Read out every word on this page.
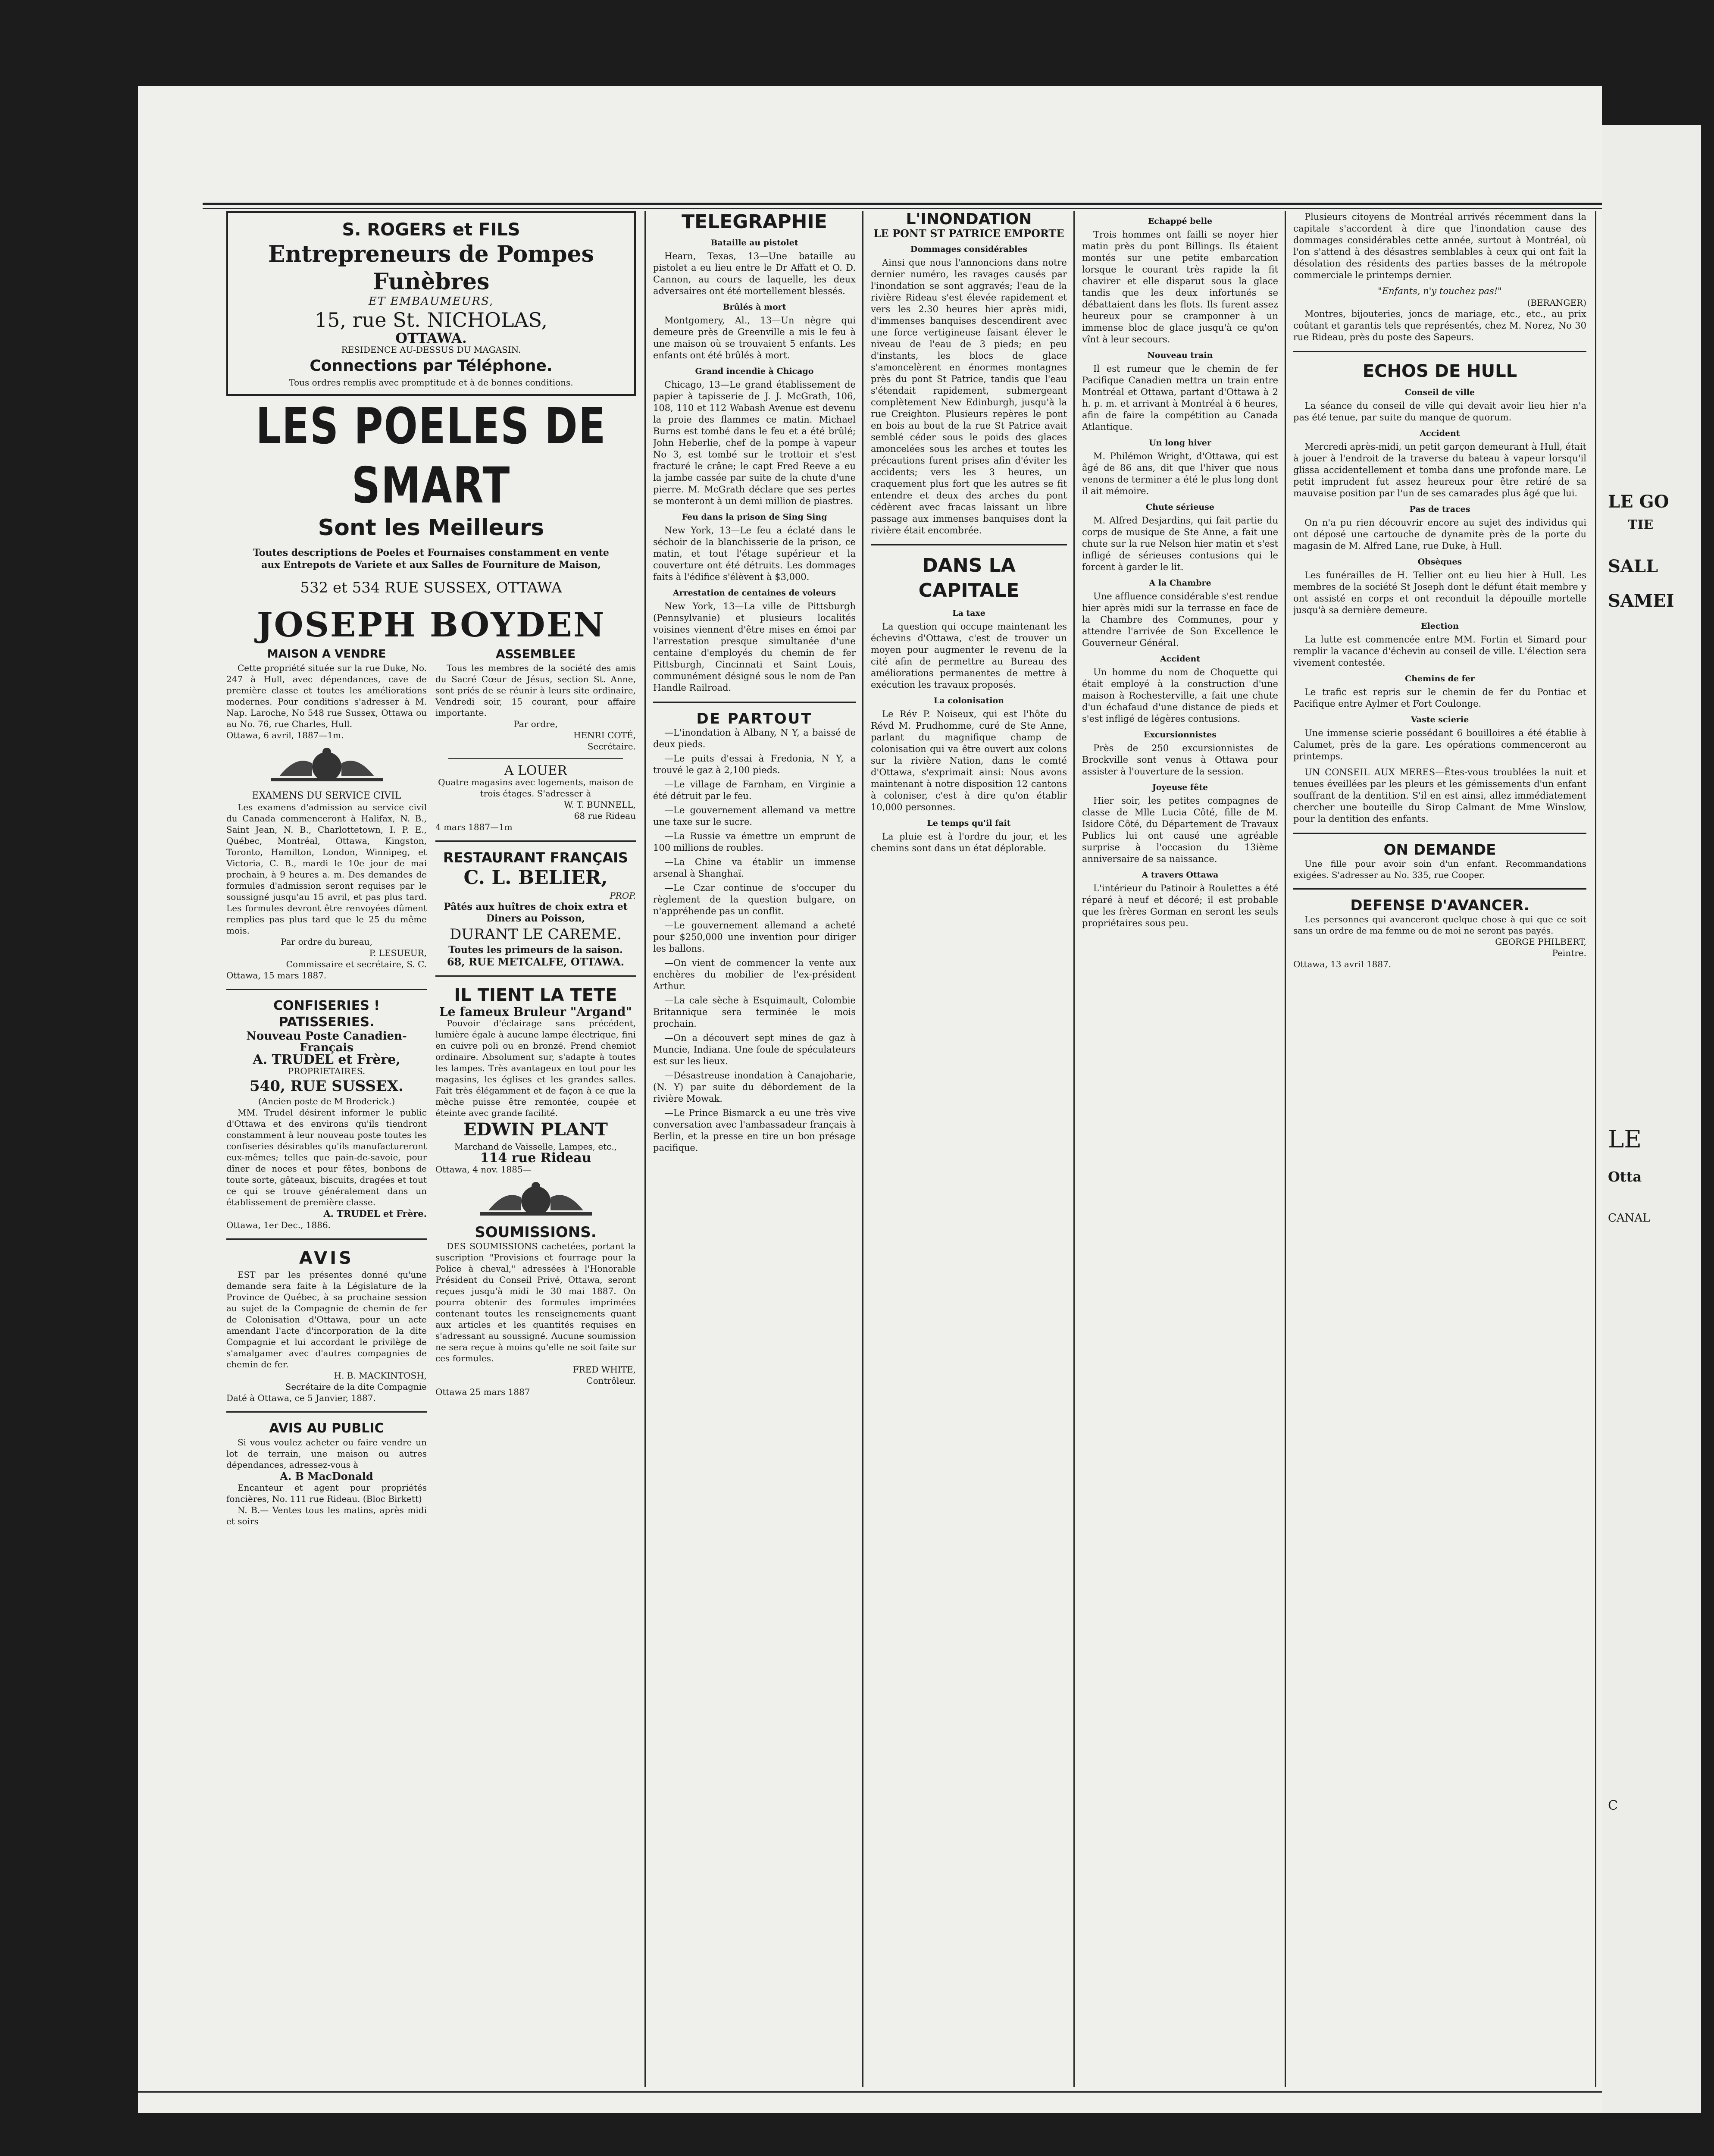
S. ROGERS et FILS
Entrepreneurs de Pompes Funèbres
ET EMBAUMEURS,
15, rue St. NICHOLAS,
OTTAWA.
RESIDENCE AU-DESSUS DU MAGASIN.
Connections par Téléphone.
Tous ordres remplis avec promptitude et à de bonnes conditions.
LES POELES DE SMART
Sont les Meilleurs
Toutes descriptions de Poeles et Fournaises constamment en vente aux Entrepots de Variete et aux Salles de Fourniture de Maison,
532 et 534 RUE SUSSEX, OTTAWA
JOSEPH BOYDEN
MAISON A VENDRE

Cette propriété située sur la rue Duke, No. 247 à Hull, avec dépendances, cave de première classe et toutes les améliorations modernes. Pour conditions s'adresser à M. Nap. Laroche, No 548 rue Sussex, Ottawa ou au No. 76, rue Charles, Hull.

Ottawa, 6 avril, 1887—1m.
EXAMENS DU SERVICE CIVIL

Les examens d'admission au service civil du Canada commenceront à Halifax, N. B., Saint Jean, N. B., Charlottetown, I. P. E., Québec, Montréal, Ottawa, Kingston, Toronto, Hamilton, London, Winnipeg, et Victoria, C. B., mardi le 10e jour de mai prochain, à 9 heures a. m. Des demandes de formules d'admission seront requises par le soussigné jusqu'au 15 avril, et pas plus tard. Les formules devront être renvoyées dûment remplies pas plus tard que le 25 du même mois.

Par ordre du bureau,
P. LESUEUR,
Commissaire et secrétaire, S. C.
Ottawa, 15 mars 1887.
CONFISERIES ! PATISSERIES.
Nouveau Poste Canadien-Français
A. TRUDEL et Frère,
PROPRIETAIRES.
540, RUE SUSSEX.
(Ancien poste de M Broderick.)

MM. Trudel désirent informer le public d'Ottawa et des environs qu'ils tiendront constamment à leur nouveau poste toutes les confiseries désirables qu'ils manufactureront eux-mêmes; telles que pain-de-savoie, pour dîner de noces et pour fêtes, bonbons de toute sorte, gâteaux, biscuits, dragées et tout ce qui se trouve généralement dans un établissement de première classe.

A. TRUDEL et Frère.
Ottawa, 1er Dec., 1886.
AVIS

EST par les présentes donné qu'une demande sera faite à la Législature de la Province de Québec, à sa prochaine session au sujet de la Compagnie de chemin de fer de Colonisation d'Ottawa, pour un acte amendant l'acte d'incorporation de la dite Compagnie et lui accordant le privilège de s'amalgamer avec d'autres compagnies de chemin de fer.

H. B. MACKINTOSH,
Secrétaire de la dite Compagnie
Daté à Ottawa, ce 5 Janvier, 1887.
AVIS AU PUBLIC

Si vous voulez acheter ou faire vendre un lot de terrain, une maison ou autres dépendances, adressez-vous à

A. B MacDonald

Encanteur et agent pour propriétés foncières, No. 111 rue Rideau. (Bloc Birkett)

N. B.— Ventes tous les matins, après midi et soirs

ASSEMBLEE

Tous les membres de la société des amis du Sacré Cœur de Jésus, section St. Anne, sont priés de se réunir à leurs site ordinaire, Vendredi soir, 15 courant, pour affaire importante.

Par ordre,
HENRI COTÉ,
Secrétaire.
A LOUER
Quatre magasins avec logements, maison de trois étages. S'adresser à
W. T. BUNNELL,
68 rue Rideau
4 mars 1887—1m
RESTAURANT FRANÇAIS
C. L. BELIER,
PROP.
Pâtés aux huîtres de choix extra et Diners au Poisson,
DURANT LE CAREME.
Toutes les primeurs de la saison.
68, RUE METCALFE, OTTAWA.
IL TIENT LA TETE
Le fameux Bruleur "Argand"

Pouvoir d'éclairage sans précédent, lumière égale à aucune lampe électrique, fini en cuivre poli ou en bronzé. Prend chemiot ordinaire. Absolument sur, s'adapte à toutes les lampes. Très avantageux en tout pour les magasins, les églises et les grandes salles. Fait très élégamment et de façon à ce que la mèche puisse être remontée, coupée et éteinte avec grande facilité.

EDWIN PLANT
Marchand de Vaisselle, Lampes, etc.,
114 rue Rideau
Ottawa, 4 nov. 1885—
SOUMISSIONS.

DES SOUMISSIONS cachetées, portant la suscription "Provisions et fourrage pour la Police à cheval," adressées à l'Honorable Président du Conseil Privé, Ottawa, seront reçues jusqu'à midi le 30 mai 1887. On pourra obtenir des formules imprimées contenant toutes les renseignements quant aux articles et les quantités requises en s'adressant au soussigné. Aucune soumission ne sera reçue à moins qu'elle ne soit faite sur ces formules.

FRED WHITE,
Contrôleur.
Ottawa 25 mars 1887
TELEGRAPHIE
Bataille au pistolet

Hearn, Texas, 13—Une bataille au pistolet a eu lieu entre le Dr Affatt et O. D. Cannon, au cours de laquelle, les deux adversaires ont été mortellement blessés.

Brûlés à mort

Montgomery, Al., 13—Un nègre qui demeure près de Greenville a mis le feu à une maison où se trouvaient 5 enfants. Les enfants ont été brûlés à mort.

Grand incendie à Chicago

Chicago, 13—Le grand établissement de papier à tapisserie de J. J. McGrath, 106, 108, 110 et 112 Wabash Avenue est devenu la proie des flammes ce matin. Michael Burns est tombé dans le feu et a été brûlé; John Heberlie, chef de la pompe à vapeur No 3, est tombé sur le trottoir et s'est fracturé le crâne; le capt Fred Reeve a eu la jambe cassée par suite de la chute d'une pierre. M. McGrath déclare que ses pertes se monteront à un demi million de piastres.

Feu dans la prison de Sing Sing

New York, 13—Le feu a éclaté dans le séchoir de la blanchisserie de la prison, ce matin, et tout l'étage supérieur et la couverture ont été détruits. Les dommages faits à l'édifice s'élèvent à $3,000.

Arrestation de centaines de voleurs

New York, 13—La ville de Pittsburgh (Pennsylvanie) et plusieurs localités voisines viennent d'être mises en émoi par l'arrestation presque simultanée d'une centaine d'employés du chemin de fer Pittsburgh, Cincinnati et Saint Louis, communément désigné sous le nom de Pan Handle Railroad.

DE PARTOUT

—L'inondation à Albany, N Y, a baissé de deux pieds.

—Le puits d'essai à Fredonia, N Y, a trouvé le gaz à 2,100 pieds.

—Le village de Farnham, en Virginie a été détruit par le feu.

—Le gouvernement allemand va mettre une taxe sur le sucre.

—La Russie va émettre un emprunt de 100 millions de roubles.

—La Chine va établir un immense arsenal à Shanghaï.

—Le Czar continue de s'occuper du règlement de la question bulgare, on n'appréhende pas un conflit.

—Le gouvernement allemand a acheté pour $250,000 une invention pour diriger les ballons.

—On vient de commencer la vente aux enchères du mobilier de l'ex-président Arthur.

—La cale sèche à Esquimault, Colombie Britannique sera terminée le mois prochain.

—On a découvert sept mines de gaz à Muncie, Indiana. Une foule de spéculateurs est sur les lieux.

—Désastreuse inondation à Canajoharie, (N. Y) par suite du débordement de la rivière Mowak.

—Le Prince Bismarck a eu une très vive conversation avec l'ambassadeur français à Berlin, et la presse en tire un bon présage pacifique.

L'INONDATION
LE PONT ST PATRICE EMPORTE
Dommages considérables

Ainsi que nous l'annoncions dans notre dernier numéro, les ravages causés par l'inondation se sont aggravés; l'eau de la rivière Rideau s'est élevée rapidement et vers les 2.30 heures hier après midi, d'immenses banquises descendirent avec une force vertigineuse faisant élever le niveau de l'eau de 3 pieds; en peu d'instants, les blocs de glace s'amoncelèrent en énormes montagnes près du pont St Patrice, tandis que l'eau s'étendait rapidement, submergeant complètement New Edinburgh, jusqu'à la rue Creighton. Plusieurs repères le pont en bois au bout de la rue St Patrice avait semblé céder sous le poids des glaces amoncelées sous les arches et toutes les précautions furent prises afin d'éviter les accidents; vers les 3 heures, un craquement plus fort que les autres se fit entendre et deux des arches du pont cédèrent avec fracas laissant un libre passage aux immenses banquises dont la rivière était encombrée.

DANS LA CAPITALE
La taxe

La question qui occupe maintenant les échevins d'Ottawa, c'est de trouver un moyen pour augmenter le revenu de la cité afin de permettre au Bureau des améliorations permanentes de mettre à exécution les travaux proposés.

La colonisation

Le Rév P. Noiseux, qui est l'hôte du Révd M. Prudhomme, curé de Ste Anne, parlant du magnifique champ de colonisation qui va être ouvert aux colons sur la rivière Nation, dans le comté d'Ottawa, s'exprimait ainsi: Nous avons maintenant à notre disposition 12 cantons à coloniser, c'est à dire qu'on établir 10,000 personnes.

Le temps qu'il fait

La pluie est à l'ordre du jour, et les chemins sont dans un état déplorable.

Echappé belle

Trois hommes ont failli se noyer hier matin près du pont Billings. Ils étaient montés sur une petite embarcation lorsque le courant très rapide la fit chavirer et elle disparut sous la glace tandis que les deux infortunés se débattaient dans les flots. Ils furent assez heureux pour se cramponner à un immense bloc de glace jusqu'à ce qu'on vînt à leur secours.

Nouveau train

Il est rumeur que le chemin de fer Pacifique Canadien mettra un train entre Montréal et Ottawa, partant d'Ottawa à 2 h. p. m. et arrivant à Montréal à 6 heures, afin de faire la compétition au Canada Atlantique.

Un long hiver

M. Philémon Wright, d'Ottawa, qui est âgé de 86 ans, dit que l'hiver que nous venons de terminer a été le plus long dont il ait mémoire.

Chute sérieuse

M. Alfred Desjardins, qui fait partie du corps de musique de Ste Anne, a fait une chute sur la rue Nelson hier matin et s'est infligé de sérieuses contusions qui le forcent à garder le lit.

A la Chambre

Une affluence considérable s'est rendue hier après midi sur la terrasse en face de la Chambre des Communes, pour y attendre l'arrivée de Son Excellence le Gouverneur Général.

Accident

Un homme du nom de Choquette qui était employé à la construction d'une maison à Rochesterville, a fait une chute d'un échafaud d'une distance de pieds et s'est infligé de légères contusions.

Excursionnistes

Près de 250 excursionnistes de Brockville sont venus à Ottawa pour assister à l'ouverture de la session.

Joyeuse fête

Hier soir, les petites compagnes de classe de Mlle Lucia Côté, fille de M. Isidore Côté, du Département de Travaux Publics lui ont causé une agréable surprise à l'occasion du 13ième anniversaire de sa naissance.

A travers Ottawa

L'intérieur du Patinoir à Roulettes a été réparé à neuf et décoré; il est probable que les frères Gorman en seront les seuls propriétaires sous peu.

Plusieurs citoyens de Montréal arrivés récemment dans la capitale s'accordent à dire que l'inondation cause des dommages considérables cette année, surtout à Montréal, où l'on s'attend à des désastres semblables à ceux qui ont fait la désolation des résidents des parties basses de la métropole commerciale le printemps dernier.

"Enfants, n'y touchez pas!"
(BERANGER)

Montres, bijouteries, joncs de mariage, etc., etc., au prix coûtant et garantis tels que représentés, chez M. Norez, No 30 rue Rideau, près du poste des Sapeurs.

ECHOS DE HULL
Conseil de ville

La séance du conseil de ville qui devait avoir lieu hier n'a pas été tenue, par suite du manque de quorum.

Accident

Mercredi après-midi, un petit garçon demeurant à Hull, était à jouer à l'endroit de la traverse du bateau à vapeur lorsqu'il glissa accidentellement et tomba dans une profonde mare. Le petit imprudent fut assez heureux pour être retiré de sa mauvaise position par l'un de ses camarades plus âgé que lui.

Pas de traces

On n'a pu rien découvrir encore au sujet des individus qui ont déposé une cartouche de dynamite près de la porte du magasin de M. Alfred Lane, rue Duke, à Hull.

Obsèques

Les funérailles de H. Tellier ont eu lieu hier à Hull. Les membres de la société St Joseph dont le défunt était membre y ont assisté en corps et ont reconduit la dépouille mortelle jusqu'à sa dernière demeure.

Election

La lutte est commencée entre MM. Fortin et Simard pour remplir la vacance d'échevin au conseil de ville. L'élection sera vivement contestée.

Chemins de fer

Le trafic est repris sur le chemin de fer du Pontiac et Pacifique entre Aylmer et Fort Coulonge.

Vaste scierie

Une immense scierie possédant 6 bouilloires a été établie à Calumet, près de la gare. Les opérations commenceront au printemps.

UN CONSEIL AUX MERES—Êtes-vous troublées la nuit et tenues éveillées par les pleurs et les gémissements d'un enfant souffrant de la dentition. S'il en est ainsi, allez immédiatement chercher une bouteille du Sirop Calmant de Mme Winslow, pour la dentition des enfants.

ON DEMANDE

Une fille pour avoir soin d'un enfant. Recommandations exigées. S'adresser au No. 335, rue Cooper.

DEFENSE D'AVANCER.

Les personnes qui avanceront quelque chose à qui que ce soit sans un ordre de ma femme ou de moi ne seront pas payés.

GEORGE PHILBERT,
Peintre.
Ottawa, 13 avril 1887.
LE GO
TIE
SALL
SAMEI
LE
Otta
CANAL
C
